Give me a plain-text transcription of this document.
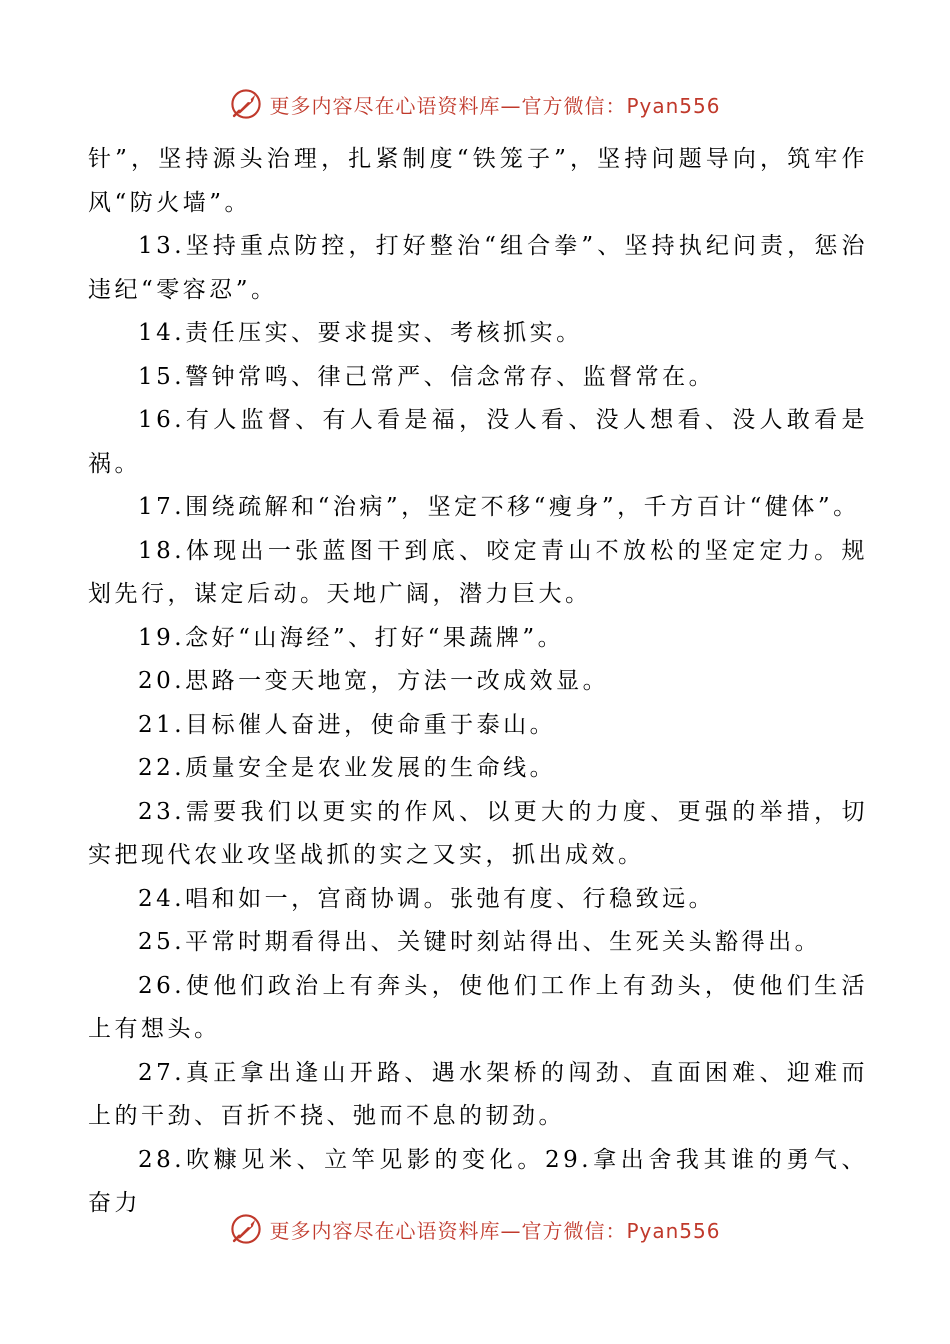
更多内容尽在心语资料库—官方微信：Pyan556

针”，坚持源头治理，扎紧制度“铁笼子”，坚持问题导向，筑牢作风“防火墙”。

13.坚持重点防控，打好整治“组合拳”、坚持执纪问责，惩治违纪“零容忍”。

14.责任压实、要求提实、考核抓实。

15.警钟常鸣、律己常严、信念常存、监督常在。

16.有人监督、有人看是福，没人看、没人想看、没人敢看是祸。

17.围绕疏解和“治病”，坚定不移“瘦身”，千方百计“健体”。

18.体现出一张蓝图干到底、咬定青山不放松的坚定定力。规划先行，谋定后动。天地广阔，潜力巨大。

19.念好“山海经”、打好“果蔬牌”。

20.思路一变天地宽，方法一改成效显。

21.目标催人奋进，使命重于泰山。

22.质量安全是农业发展的生命线。

23.需要我们以更实的作风、以更大的力度、更强的举措，切实把现代农业攻坚战抓的实之又实，抓出成效。

24.唱和如一，宫商协调。张弛有度、行稳致远。

25.平常时期看得出、关键时刻站得出、生死关头豁得出。

26.使他们政治上有奔头，使他们工作上有劲头，使他们生活上有想头。

27.真正拿出逢山开路、遇水架桥的闯劲、直面困难、迎难而上的干劲、百折不挠、弛而不息的韧劲。

28.吹糠见米、立竿见影的变化。29.拿出舍我其谁的勇气、奋力

更多内容尽在心语资料库—官方微信：Pyan556
